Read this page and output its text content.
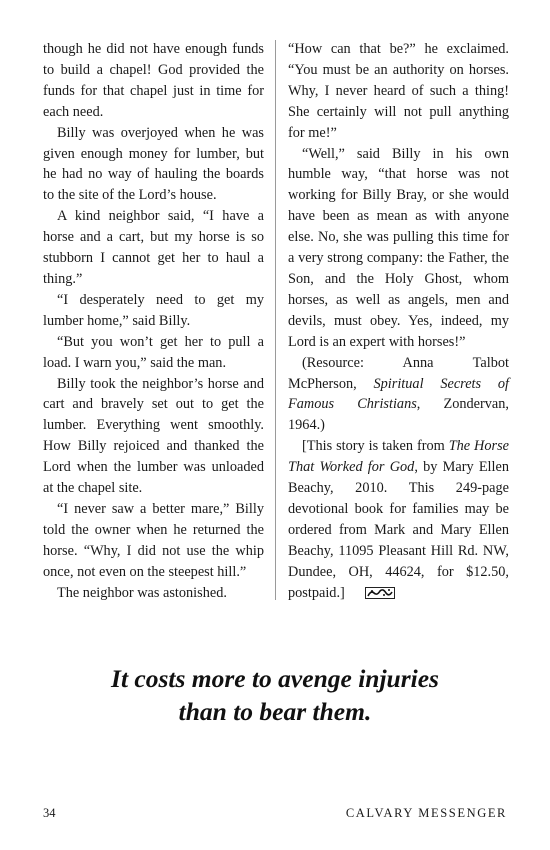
though he did not have enough funds to build a chapel! God provided the funds for that chapel just in time for each need.

Billy was overjoyed when he was given enough money for lumber, but he had no way of hauling the boards to the site of the Lord’s house.

A kind neighbor said, “I have a horse and a cart, but my horse is so stubborn I cannot get her to haul a thing.”

“I desperately need to get my lumber home,” said Billy.

“But you won’t get her to pull a load. I warn you,” said the man.

Billy took the neighbor’s horse and cart and bravely set out to get the lumber. Everything went smoothly. How Billy rejoiced and thanked the Lord when the lumber was unloaded at the chapel site.

“I never saw a better mare,” Billy told the owner when he returned the horse. “Why, I did not use the whip once, not even on the steepest hill.”

The neighbor was astonished.

“How can that be?” he exclaimed. “You must be an authority on horses. Why, I never heard of such a thing! She certainly will not pull anything for me!”

“Well,” said Billy in his own humble way, “that horse was not working for Billy Bray, or she would have been as mean as with anyone else. No, she was pulling this time for a very strong company: the Father, the Son, and the Holy Ghost, whom horses, as well as angels, men and devils, must obey. Yes, indeed, my Lord is an expert with horses!”

(Resource: Anna Talbot McPherson, Spiritual Secrets of Famous Christians, Zondervan, 1964.)

[This story is taken from The Horse That Worked for God, by Mary Ellen Beachy, 2010. This 249-page devotional book for families may be ordered from Mark and Mary Ellen Beachy, 11095 Pleasant Hill Rd. NW, Dundee, OH, 44624, for $12.50, postpaid.]

It costs more to avenge injuries
than to bear them.
34	CALVARY MESSENGER
